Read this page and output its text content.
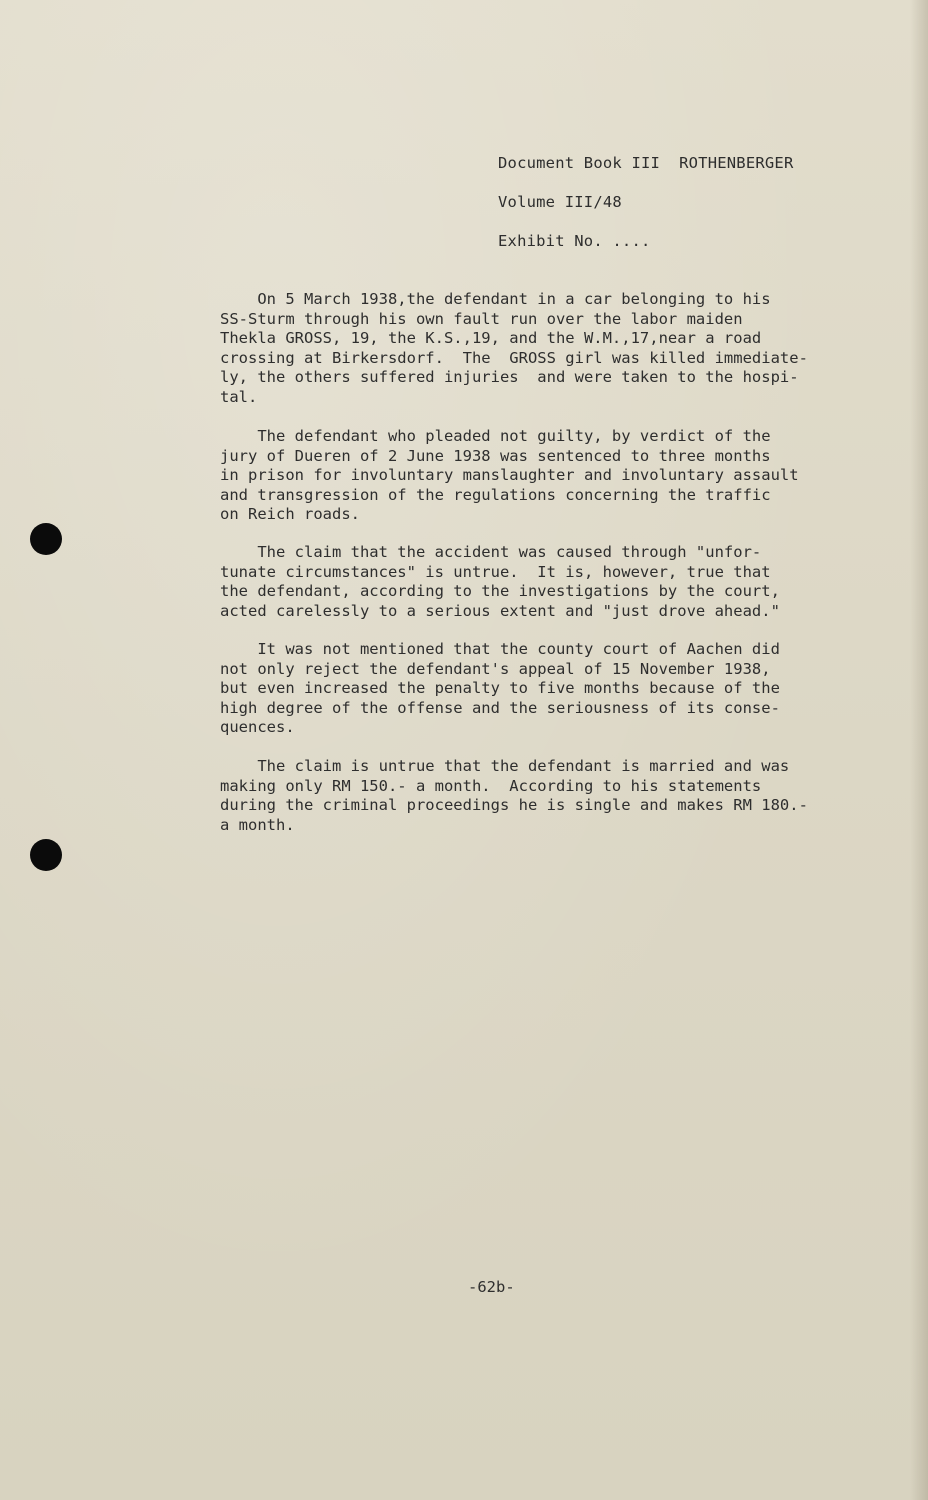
Document Book III  ROTHENBERGER
Volume III/48
Exhibit No. ....
On 5 March 1938,the defendant in a car belonging to his
SS-Sturm through his own fault run over the labor maiden
Thekla GROSS, 19, the K.S.,19, and the W.M.,17,near a road
crossing at Birkersdorf.  The  GROSS girl was killed immediate-
ly, the others suffered injuries  and were taken to the hospi-
tal.
The defendant who pleaded not guilty, by verdict of the
jury of Dueren of 2 June 1938 was sentenced to three months
in prison for involuntary manslaughter and involuntary assault
and transgression of the regulations concerning the traffic
on Reich roads.
The claim that the accident was caused through "unfor-
tunate circumstances" is untrue.  It is, however, true that
the defendant, according to the investigations by the court,
acted carelessly to a serious extent and "just drove ahead."
It was not mentioned that the county court of Aachen did
not only reject the defendant's appeal of 15 November 1938,
but even increased the penalty to five months because of the
high degree of the offense and the seriousness of its conse-
quences.
The claim is untrue that the defendant is married and was
making only RM 150.- a month.  According to his statements
during the criminal proceedings he is single and makes RM 180.-
a month.
-62b-
